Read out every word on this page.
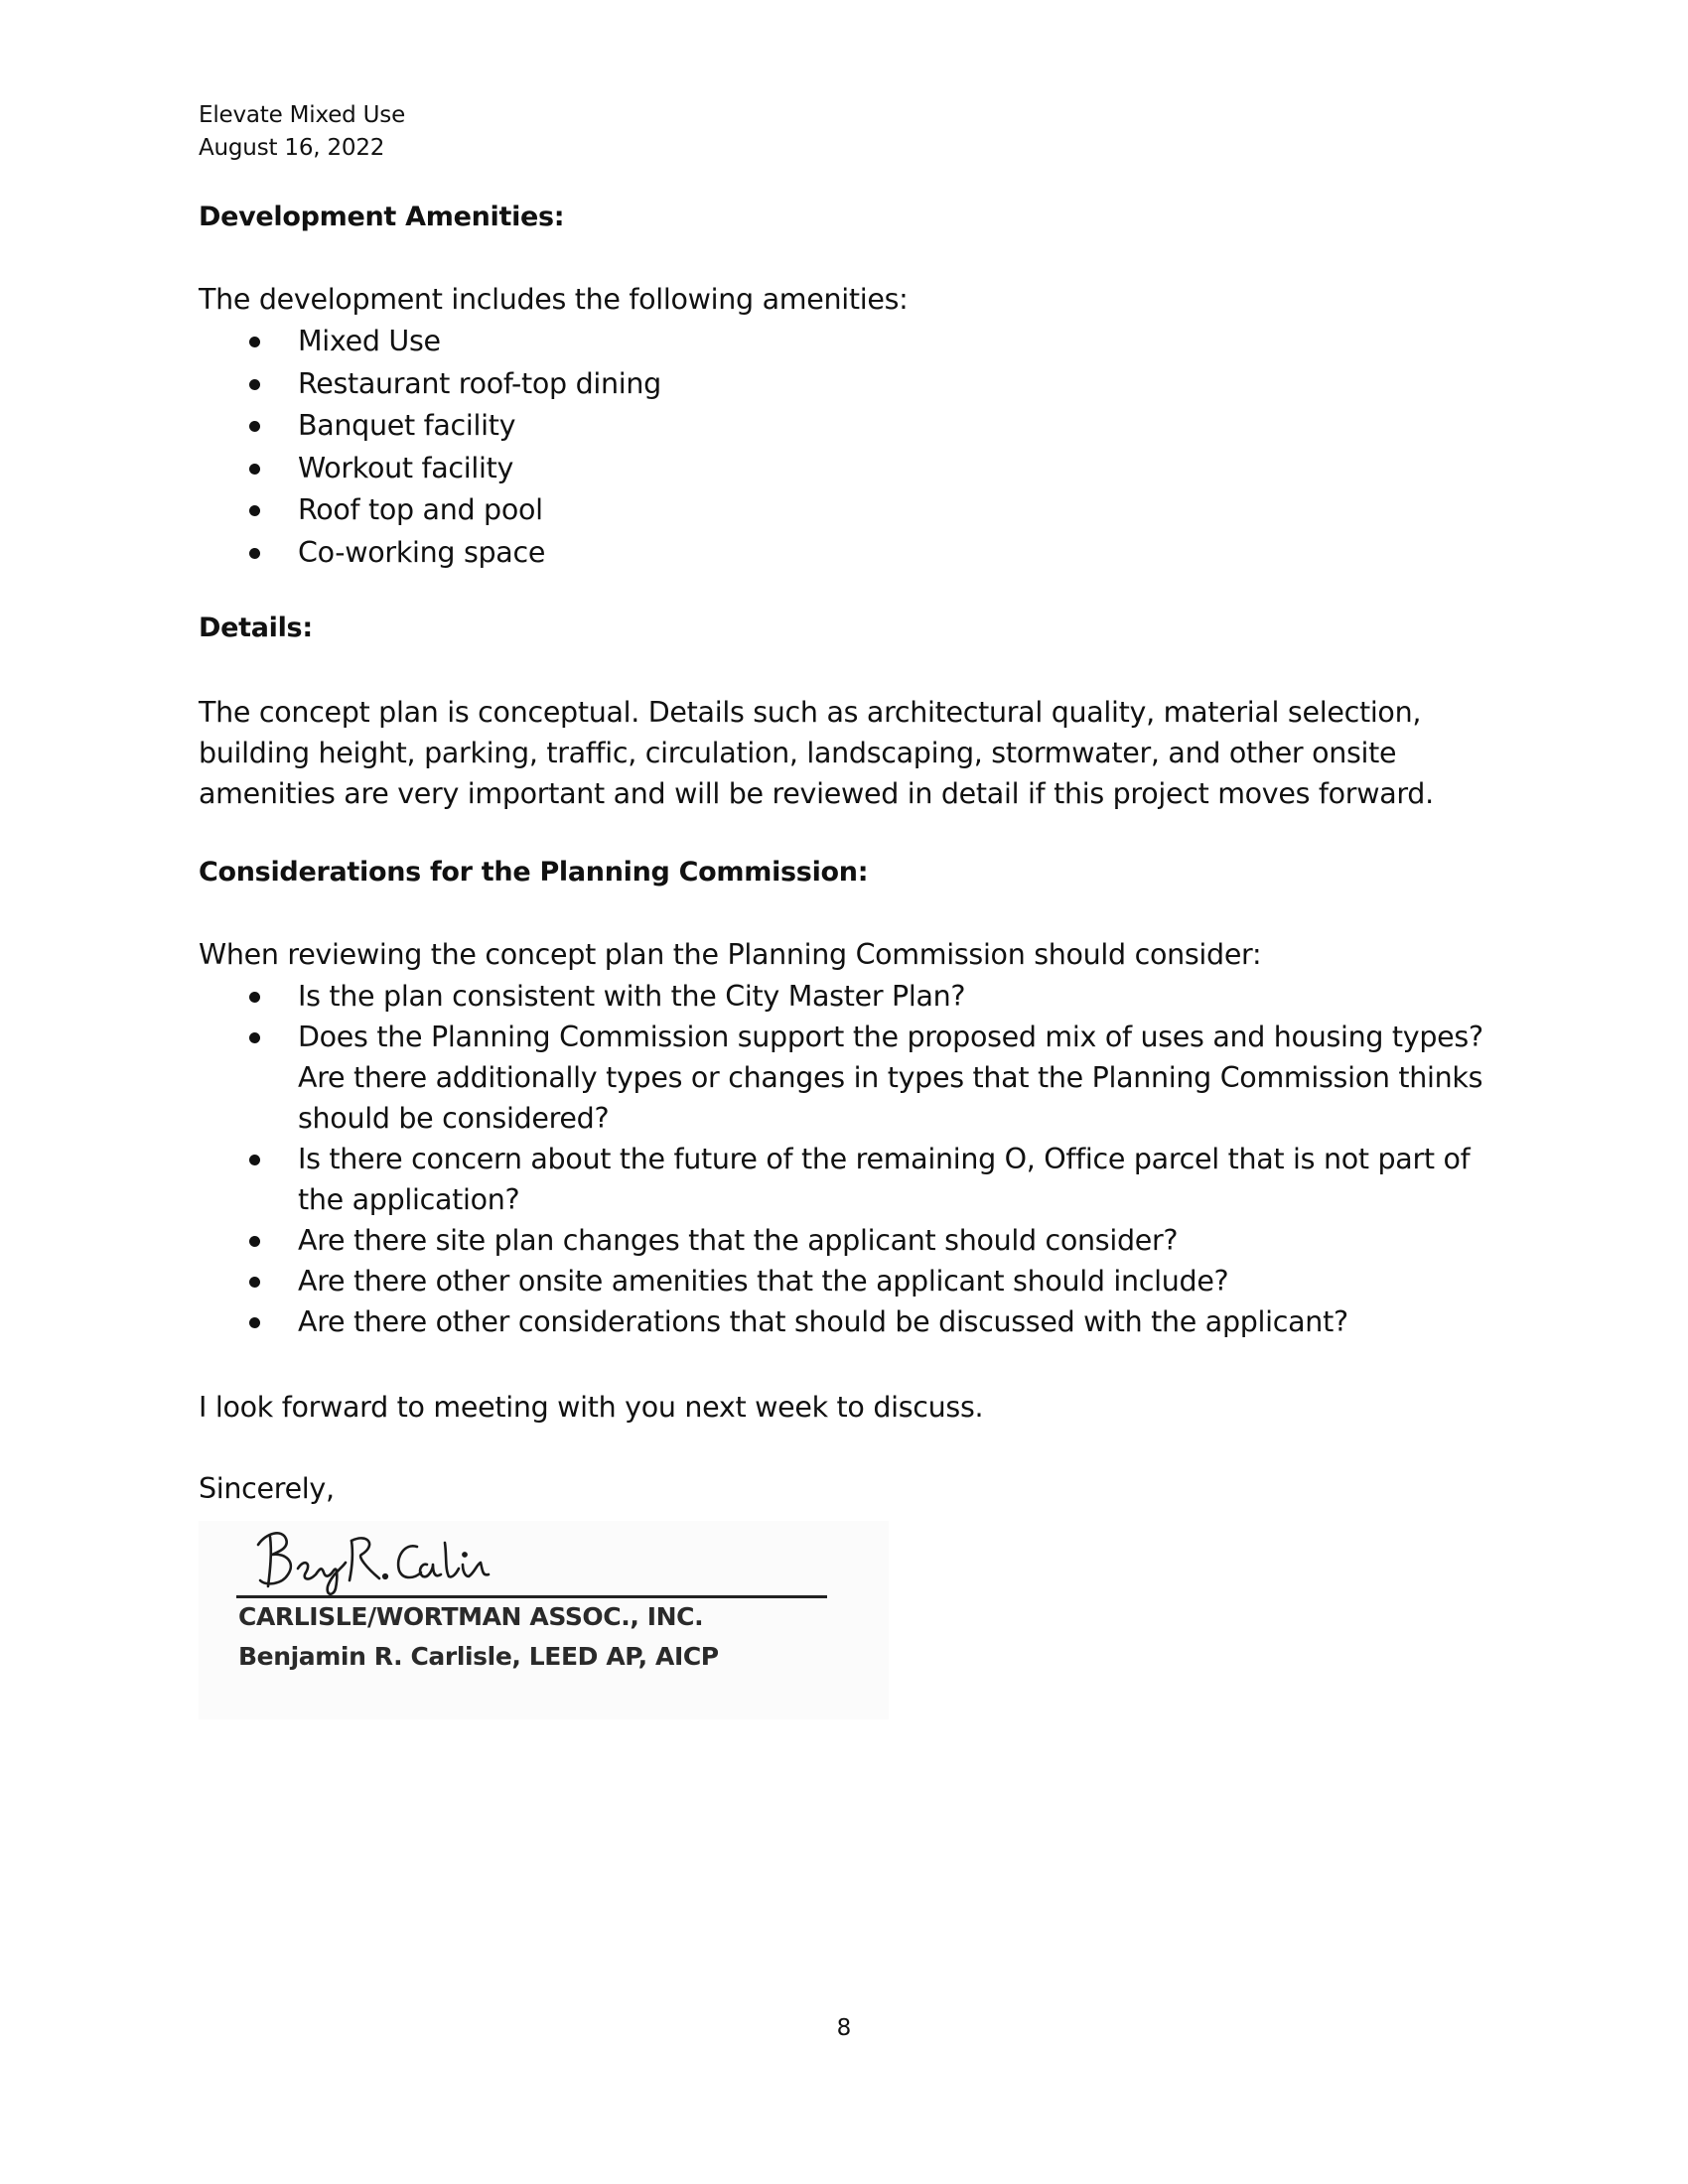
Elevate Mixed Use
August 16, 2022
Development Amenities:

The development includes the following amenities:

Mixed Use
Restaurant roof-top dining
Banquet facility
Workout facility
Roof top and pool
Co-working space
Details:

The concept plan is conceptual. Details such as architectural quality, material selection, building height, parking, traffic, circulation, landscaping, stormwater, and other onsite amenities are very important and will be reviewed in detail if this project moves forward.

Considerations for the Planning Commission:

When reviewing the concept plan the Planning Commission should consider:

Is the plan consistent with the City Master Plan?
Does the Planning Commission support the proposed mix of uses and housing types? Are there additionally types or changes in types that the Planning Commission thinks should be considered?
Is there concern about the future of the remaining O, Office parcel that is not part of the application?
Are there site plan changes that the applicant should consider?
Are there other onsite amenities that the applicant should include?
Are there other considerations that should be discussed with the applicant?

I look forward to meeting with you next week to discuss.

Sincerely,

CARLISLE/WORTMAN ASSOC., INC.
Benjamin R. Carlisle, LEED AP, AICP
8
